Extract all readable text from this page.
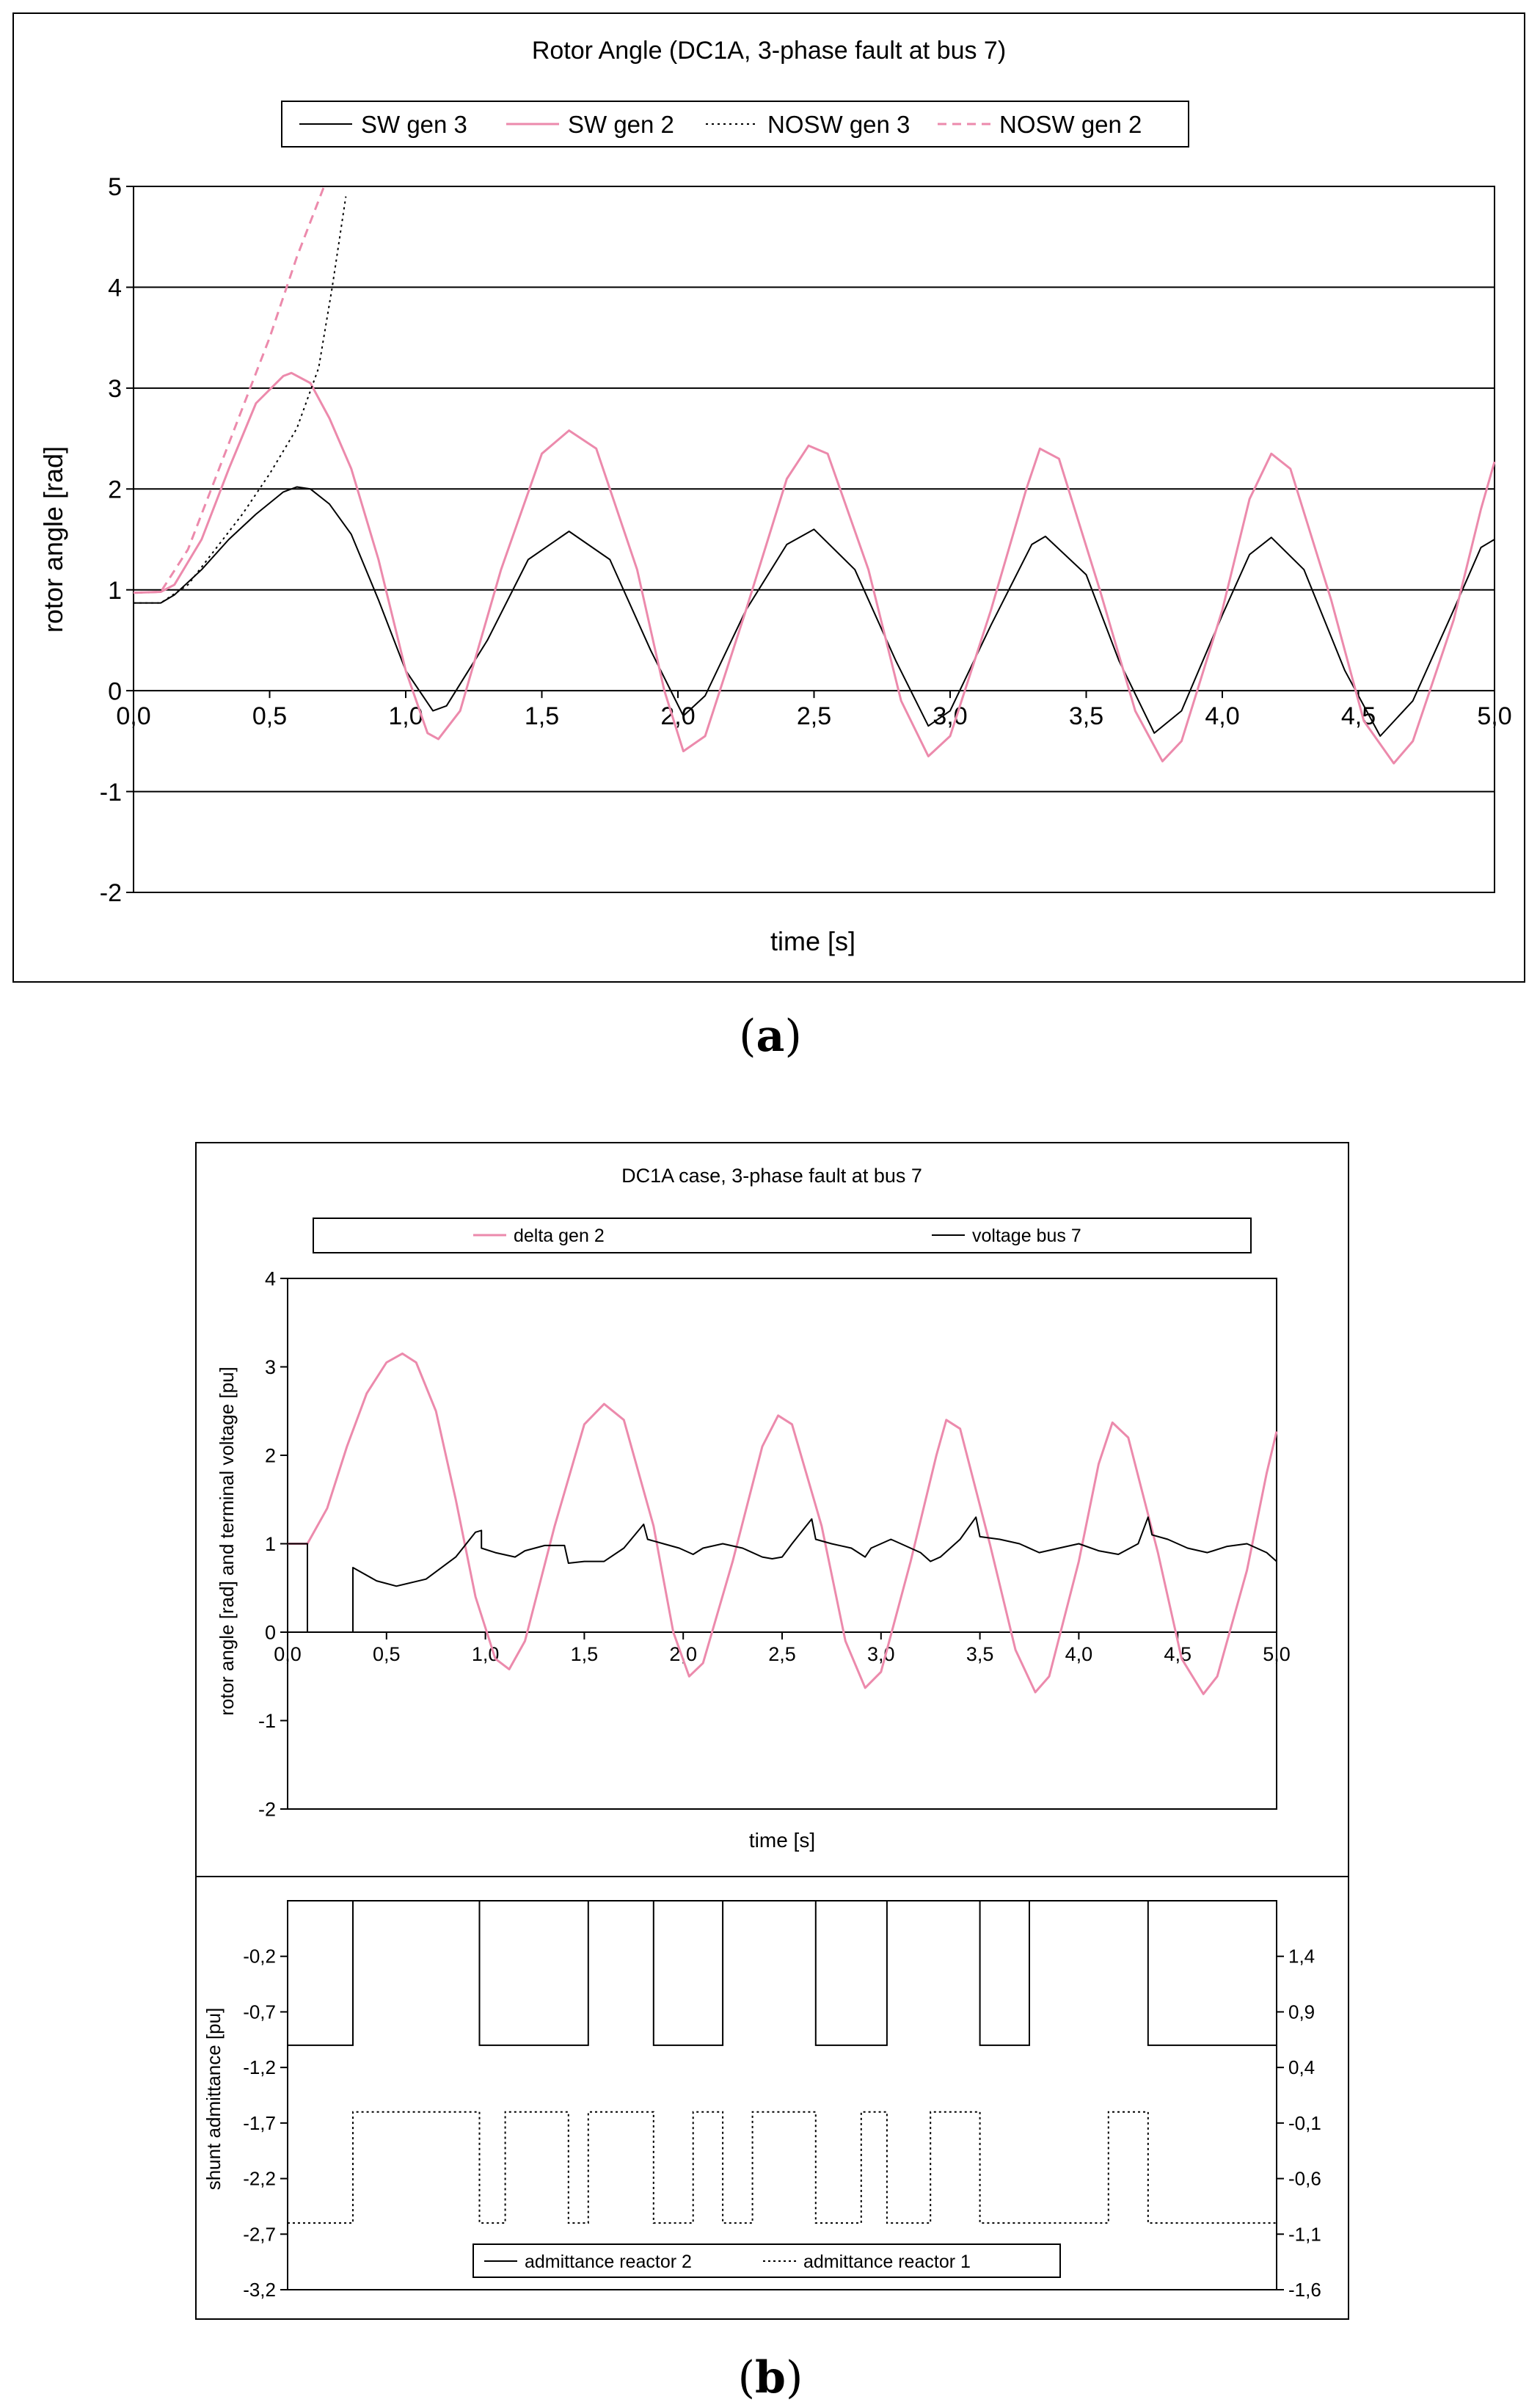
Rotor Angle (DC1A, 3-phase fault at bus 7)
SW gen 3	SW gen 2	NOSW gen 3	NOSW gen 2
-2
-1
0
1
2
3
4
5
0,0	0,5	1,0	1,5	2,0	2,5	3,0	3,5	4,0	4,5	5,0
time [s]
rotor angle [rad]
(a)
DC1A case, 3-phase fault at bus 7
delta gen 2	voltage bus 7
-2
-1
0
1
2
3
4
0,0	0,5	1,0	1,5	2,0	2,5	3,0	3,5	4,0	4,5	5,0
time [s]
rotor angle [rad] and terminal voltage [pu]
-0,2
-0,7
-1,2
-1,7
-2,2
-2,7
-3,2
1,4
0,9
0,4
-0,1
-0,6
-1,1
-1,6
shunt admittance [pu]
admittance reactor 2	admittance reactor 1
(b)
